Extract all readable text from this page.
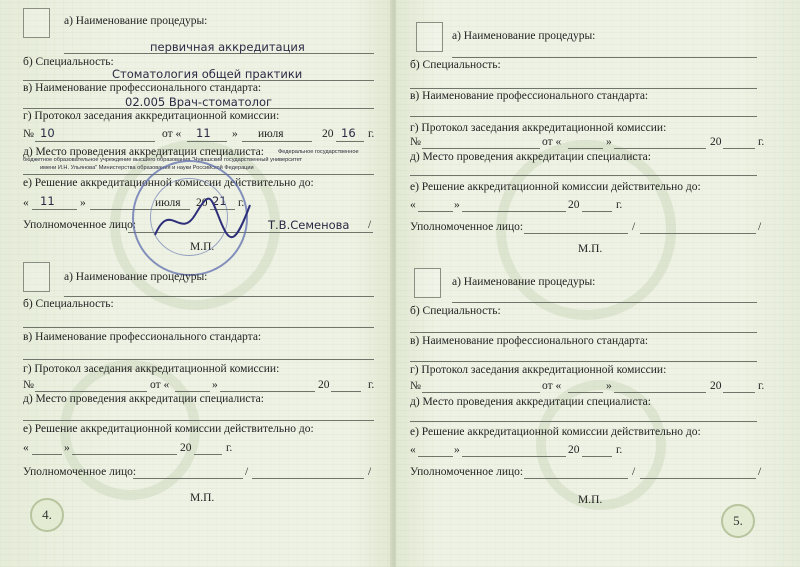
а) Наименование процедуры:
первичная аккредитация
б) Специальность:
Стоматология общей практики
в) Наименование профессионального стандарта:
02.005 Врач-стоматолог
г) Протокол заседания аккредитационной комиссии:
№ 10	от « 11 » июля	20 16 г.
д) Место проведения аккредитации специалиста:	Федеральное государственное
бюджетное образовательное учреждение высшего образования "Чувашский государственный университет
имени И.Н. Ульянова" Министерства образования и науки Российской Федерации
е) Решение аккредитационной комиссии действительно до:
« 11 »	июля 20 21 г.
Уполномоченное лицо:	Т.В.Семенова /
М.П.
а) Наименование процедуры:
б) Специальность:
в) Наименование профессионального стандарта:
г) Протокол заседания аккредитационной комиссии:
№	от «	»	20	г.
д) Место проведения аккредитации специалиста:
е) Решение аккредитационной комиссии действительно до:
«	»	20	г.
Уполномоченное лицо:	/	/
М.П.
4.
а) Наименование процедуры:
б) Специальность:
в) Наименование профессионального стандарта:
г) Протокол заседания аккредитационной комиссии:
№	от «	»	20	г.
д) Место проведения аккредитации специалиста:
е) Решение аккредитационной комиссии действительно до:
«	»	20	г.
Уполномоченное лицо:	/	/
М.П.
а) Наименование процедуры:
б) Специальность:
в) Наименование профессионального стандарта:
г) Протокол заседания аккредитационной комиссии:
№	от «	»	20	г.
д) Место проведения аккредитации специалиста:
е) Решение аккредитационной комиссии действительно до:
«	»	20	г.
Уполномоченное лицо:	/	/
М.П.
5.
